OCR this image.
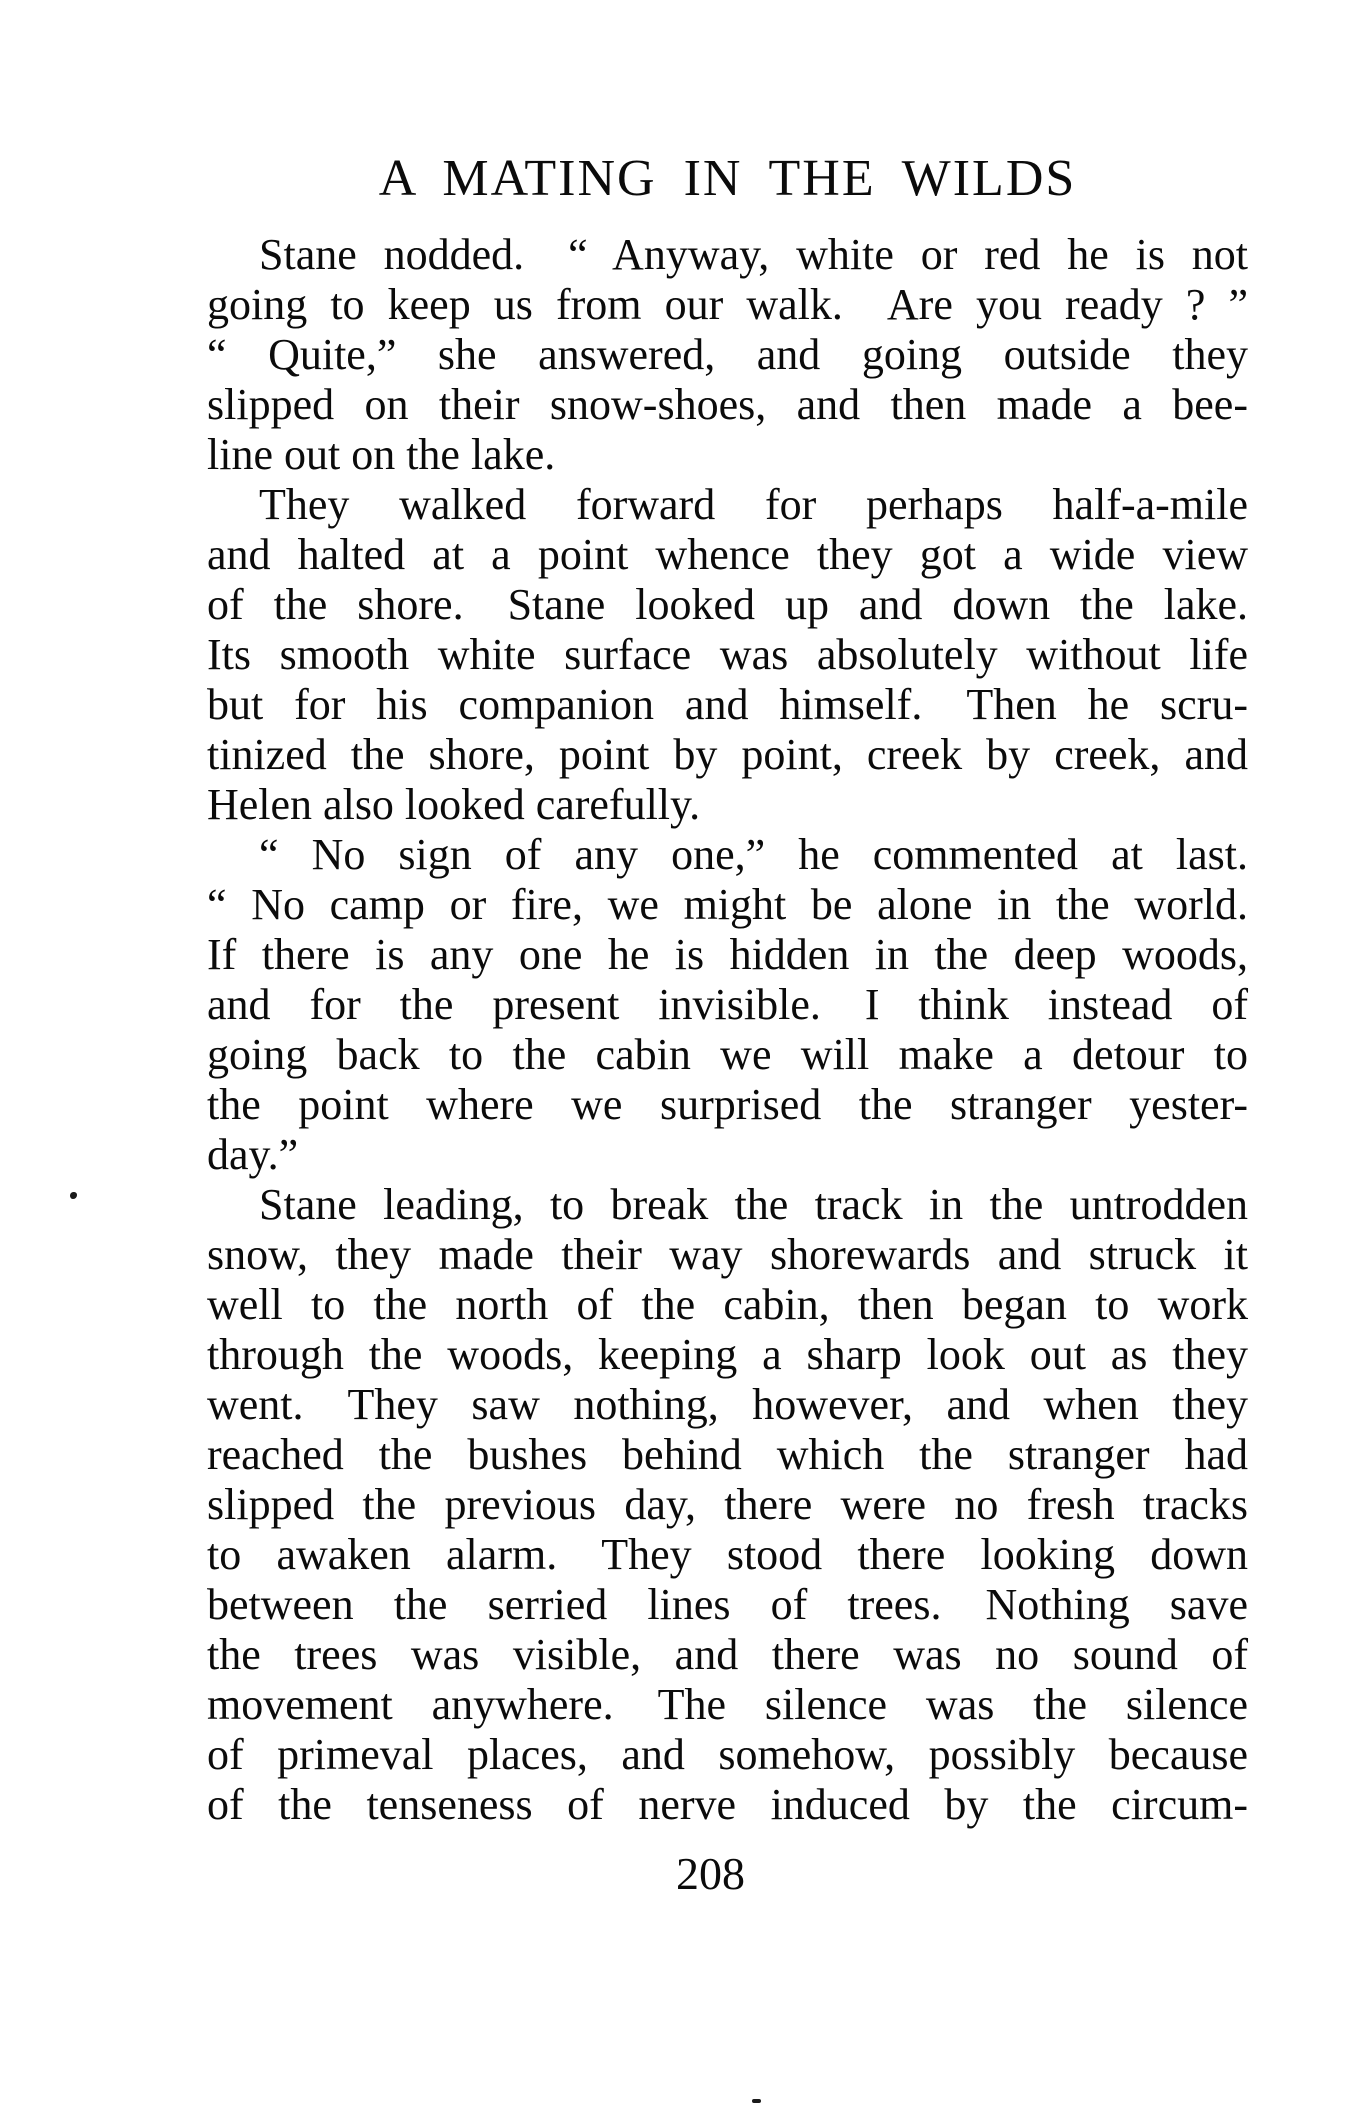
A MATING IN THE WILDS
Stane nodded. “ Anyway, white or red he is not
going to keep us from our walk. Are you ready ? ”
“ Quite,” she answered, and going outside they
slipped on their snow-shoes, and then made a bee-
line out on the lake.
They walked forward for perhaps half-a-mile
and halted at a point whence they got a wide view
of the shore. Stane looked up and down the lake.
Its smooth white surface was absolutely without life
but for his companion and himself. Then he scru-
tinized the shore, point by point, creek by creek, and
Helen also looked carefully.
“ No sign of any one,” he commented at last.
“ No camp or fire, we might be alone in the world.
If there is any one he is hidden in the deep woods,
and for the present invisible. I think instead of
going back to the cabin we will make a detour to
the point where we surprised the stranger yester-
day.”
Stane leading, to break the track in the untrodden
snow, they made their way shorewards and struck it
well to the north of the cabin, then began to work
through the woods, keeping a sharp look out as they
went. They saw nothing, however, and when they
reached the bushes behind which the stranger had
slipped the previous day, there were no fresh tracks
to awaken alarm. They stood there looking down
between the serried lines of trees. Nothing save
the trees was visible, and there was no sound of
movement anywhere. The silence was the silence
of primeval places, and somehow, possibly because
of the tenseness of nerve induced by the circum-
208
